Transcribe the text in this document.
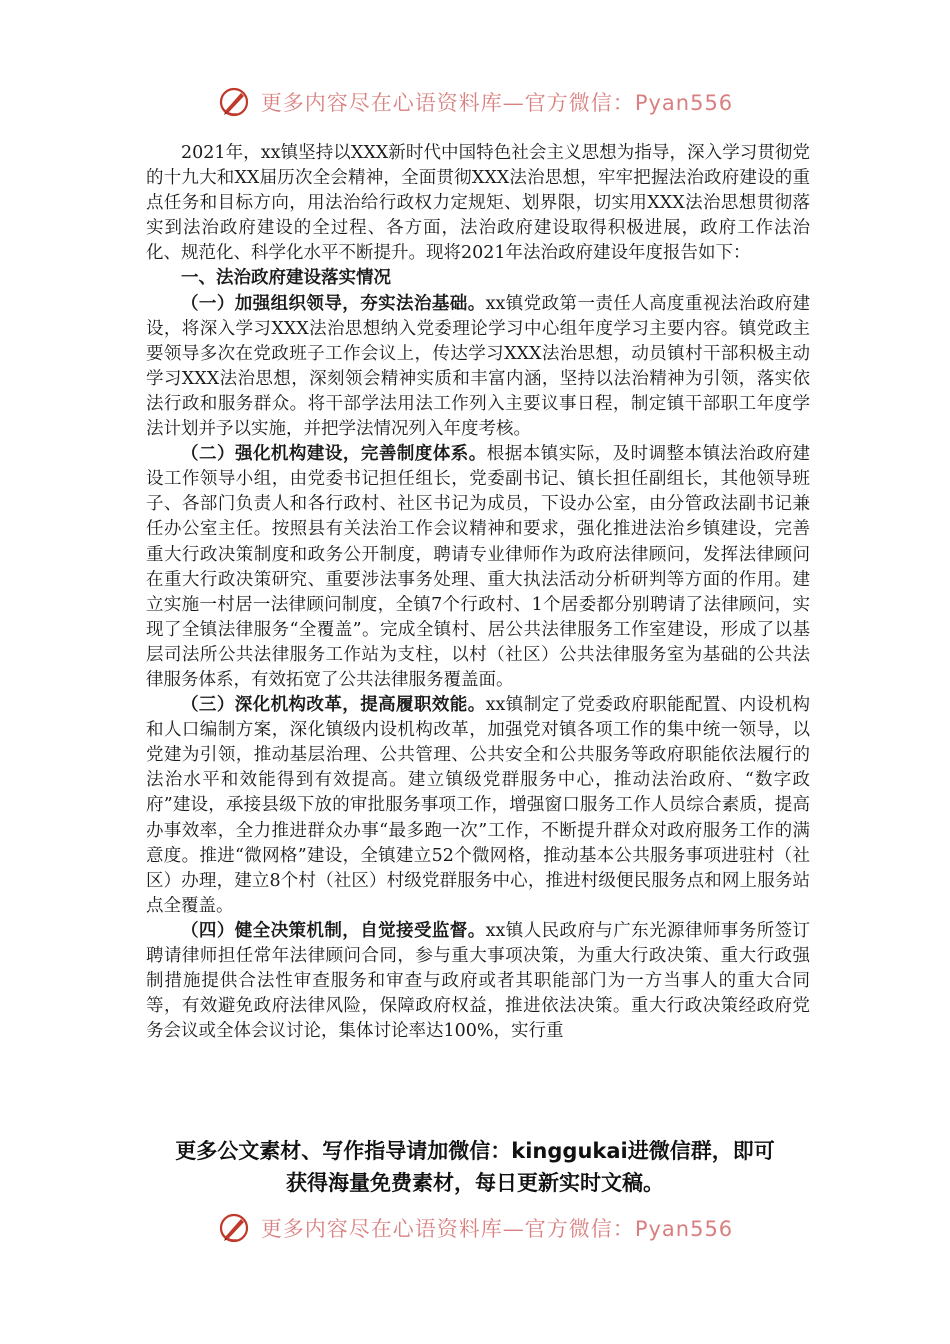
更多内容尽在心语资料库—官方微信：Pyan556

2021年，xx镇坚持以XXX新时代中国特色社会主义思想为指导，深入学习贯彻党的十九大和XX届历次全会精神，全面贯彻XXX法治思想，牢牢把握法治政府建设的重点任务和目标方向，用法治给行政权力定规矩、划界限，切实用XXX法治思想贯彻落实到法治政府建设的全过程、各方面，法治政府建设取得积极进展，政府工作法治化、规范化、科学化水平不断提升。现将2021年法治政府建设年度报告如下：

一、法治政府建设落实情况

（一）加强组织领导，夯实法治基础。xx镇党政第一责任人高度重视法治政府建设，将深入学习XXX法治思想纳入党委理论学习中心组年度学习主要内容。镇党政主要领导多次在党政班子工作会议上，传达学习XXX法治思想，动员镇村干部积极主动学习XXX法治思想，深刻领会精神实质和丰富内涵，坚持以法治精神为引领，落实依法行政和服务群众。将干部学法用法工作列入主要议事日程，制定镇干部职工年度学法计划并予以实施，并把学法情况列入年度考核。

（二）强化机构建设，完善制度体系。根据本镇实际，及时调整本镇法治政府建设工作领导小组，由党委书记担任组长，党委副书记、镇长担任副组长，其他领导班子、各部门负责人和各行政村、社区书记为成员，下设办公室，由分管政法副书记兼任办公室主任。按照县有关法治工作会议精神和要求，强化推进法治乡镇建设，完善重大行政决策制度和政务公开制度，聘请专业律师作为政府法律顾问，发挥法律顾问在重大行政决策研究、重要涉法事务处理、重大执法活动分析研判等方面的作用。建立实施一村居一法律顾问制度，全镇7个行政村、1个居委都分别聘请了法律顾问，实现了全镇法律服务“全覆盖”。完成全镇村、居公共法律服务工作室建设，形成了以基层司法所公共法律服务工作站为支柱，以村（社区）公共法律服务室为基础的公共法律服务体系，有效拓宽了公共法律服务覆盖面。

（三）深化机构改革，提高履职效能。xx镇制定了党委政府职能配置、内设机构和人口编制方案，深化镇级内设机构改革，加强党对镇各项工作的集中统一领导，以党建为引领，推动基层治理、公共管理、公共安全和公共服务等政府职能依法履行的法治水平和效能得到有效提高。建立镇级党群服务中心，推动法治政府、“数字政府”建设，承接县级下放的审批服务事项工作，增强窗口服务工作人员综合素质，提高办事效率，全力推进群众办事“最多跑一次”工作，不断提升群众对政府服务工作的满意度。推进“微网格”建设，全镇建立52个微网格，推动基本公共服务事项进驻村（社区）办理，建立8个村（社区）村级党群服务中心，推进村级便民服务点和网上服务站点全覆盖。

（四）健全决策机制，自觉接受监督。xx镇人民政府与广东光源律师事务所签订聘请律师担任常年法律顾问合同，参与重大事项决策，为重大行政决策、重大行政强制措施提供合法性审查服务和审查与政府或者其职能部门为一方当事人的重大合同等，有效避免政府法律风险，保障政府权益，推进依法决策。重大行政决策经政府党务会议或全体会议讨论，集体讨论率达100%，实行重

更多公文素材、写作指导请加微信：kinggukai进微信群，即可
获得海量免费素材，每日更新实时文稿。
更多内容尽在心语资料库—官方微信：Pyan556
